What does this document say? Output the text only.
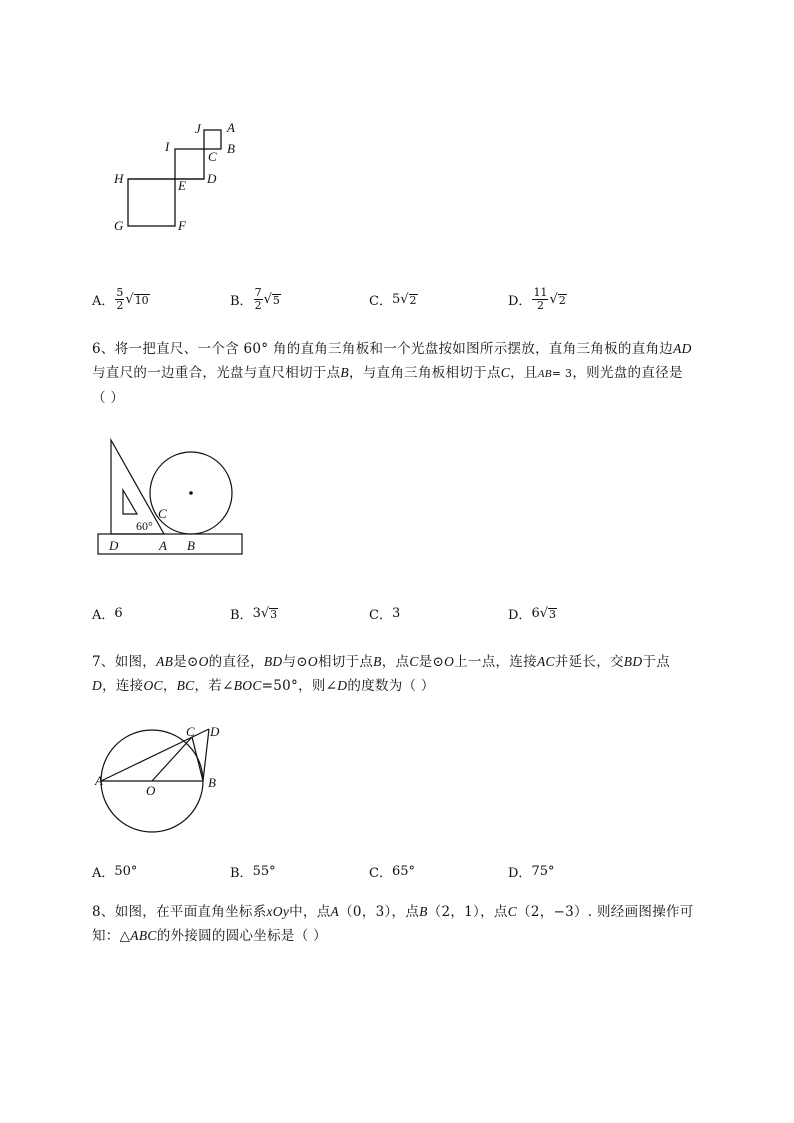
J A
I
C
B
H	E D
G	F
A． $\frac{5}{2}$ √ 10	B． $\frac{7}{2}$ √ 5	C． 5 √ 2	D． $\frac{11}{2}$ √ 2
6、将一把直尺、一个含 60° 角的直角三角板和一个光盘按如图所示摆放，直角三角板的直角边AD
与直尺的一边重合，光盘与直尺相切于点B，与直角三角板相切于点C，且AB= 3，则光盘的直径是
（ ）
C
60°
D	A B
A． 6	B． 3 √ 3	C． 3	D． 6 √ 3
7、如图，AB是⊙O的直径，BD与⊙O相切于点B，点C是⊙O上一点，连接AC并延长，交BD于点
D，连接OC，BC，若∠BOC=50°，则∠D的度数为（ ）
C D
A
O
B
A． 50°	B． 55°	C． 65°	D． 75°
8、如图，在平面直角坐标系xOy中，点A（0，3），点B（2，1），点C（2，−3）. 则经画图操作可
知：△ABC的外接圆的圆心坐标是（ ）
